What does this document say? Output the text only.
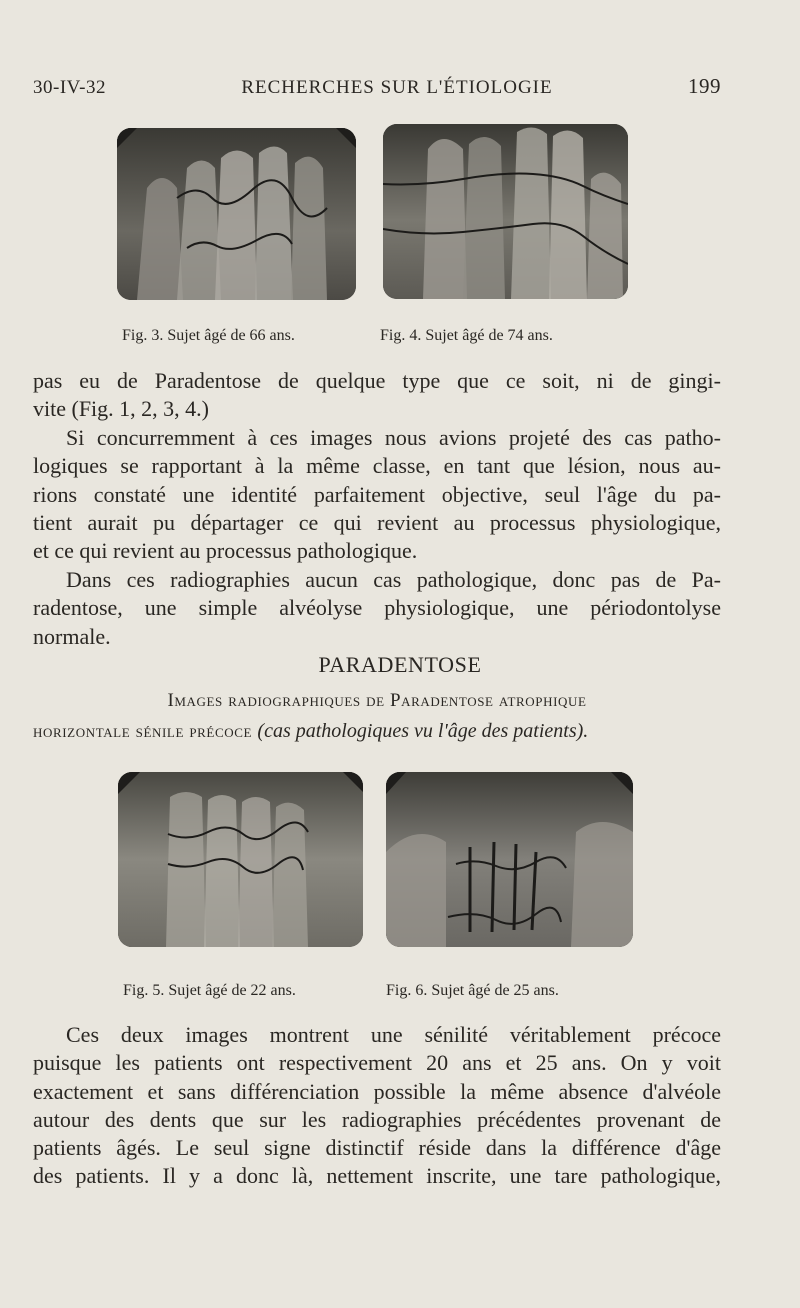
30-IV-32	RECHERCHES SUR L'ÉTIOLOGIE	199
Fig. 3. Sujet âgé de 66 ans.	Fig. 4. Sujet âgé de 74 ans.
pas eu de Paradentose de quelque type que ce soit, ni de gingi-
vite (Fig. 1, 2, 3, 4.)
Si concurremment à ces images nous avions projeté des cas patho-
logiques se rapportant à la même classe, en tant que lésion, nous au-
rions constaté une identité parfaitement objective, seul l'âge du pa-
tient aurait pu départager ce qui revient au processus physiologique,
et ce qui revient au processus pathologique.
Dans ces radiographies aucun cas pathologique, donc pas de Pa-
radentose, une simple alvéolyse physiologique, une périodontolyse
normale.
PARADENTOSE
Images radiographiques de Paradentose atrophique
horizontale sénile précoce (cas pathologiques vu l'âge des patients).
Fig. 5. Sujet âgé de 22 ans.	Fig. 6. Sujet âgé de 25 ans.
Ces deux images montrent une sénilité véritablement précoce
puisque les patients ont respectivement 20 ans et 25 ans. On y voit
exactement et sans différenciation possible la même absence d'alvéole
autour des dents que sur les radiographies précédentes provenant de
patients âgés. Le seul signe distinctif réside dans la différence d'âge
des patients. Il y a donc là, nettement inscrite, une tare pathologique,
